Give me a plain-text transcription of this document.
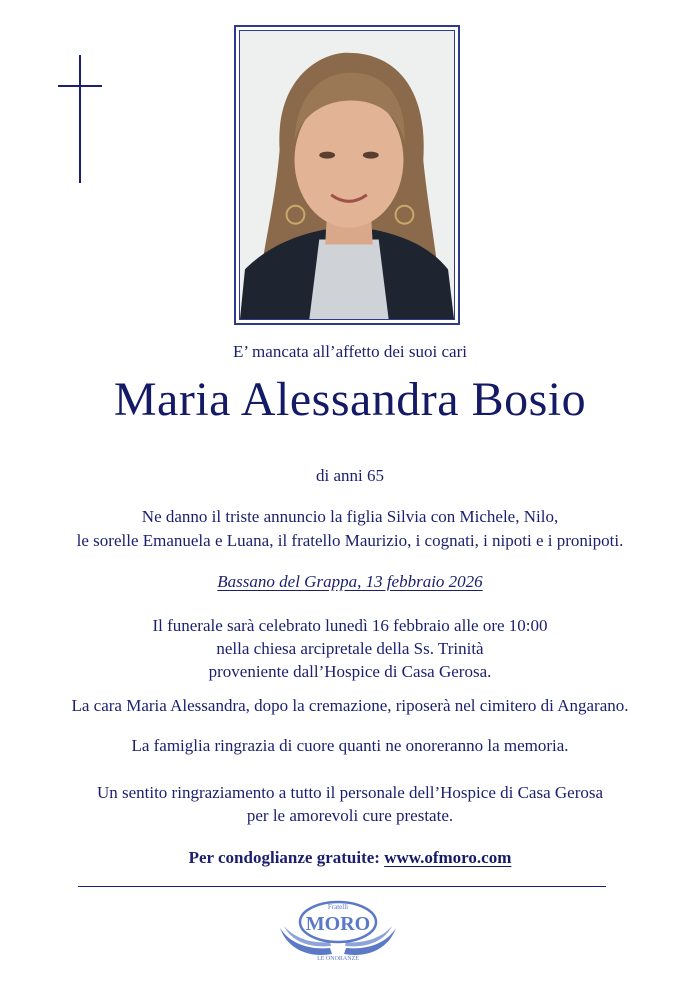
E’ mancata all’affetto dei suoi cari

Maria Alessandra Bosio

di anni 65

Ne danno il triste annuncio la figlia Silvia con Michele, Nilo,
le sorelle Emanuela e Luana, il fratello Maurizio, i cognati, i nipoti e i pronipoti.

Bassano del Grappa, 13 febbraio 2026

Il funerale sarà celebrato lunedì 16 febbraio alle ore 10:00
nella chiesa arcipretale della Ss. Trinità
proveniente dall’Hospice di Casa Gerosa.

La cara Maria Alessandra, dopo la cremazione, riposerà nel cimitero di Angarano.

La famiglia ringrazia di cuore quanti ne onoreranno la memoria.

Un sentito ringraziamento a tutto il personale dell’Hospice di Casa Gerosa
per le amorevoli cure prestate.

Per condoglianze gratuite: www.ofmoro.com

Fratelli
MORO
LE ONORANZE
